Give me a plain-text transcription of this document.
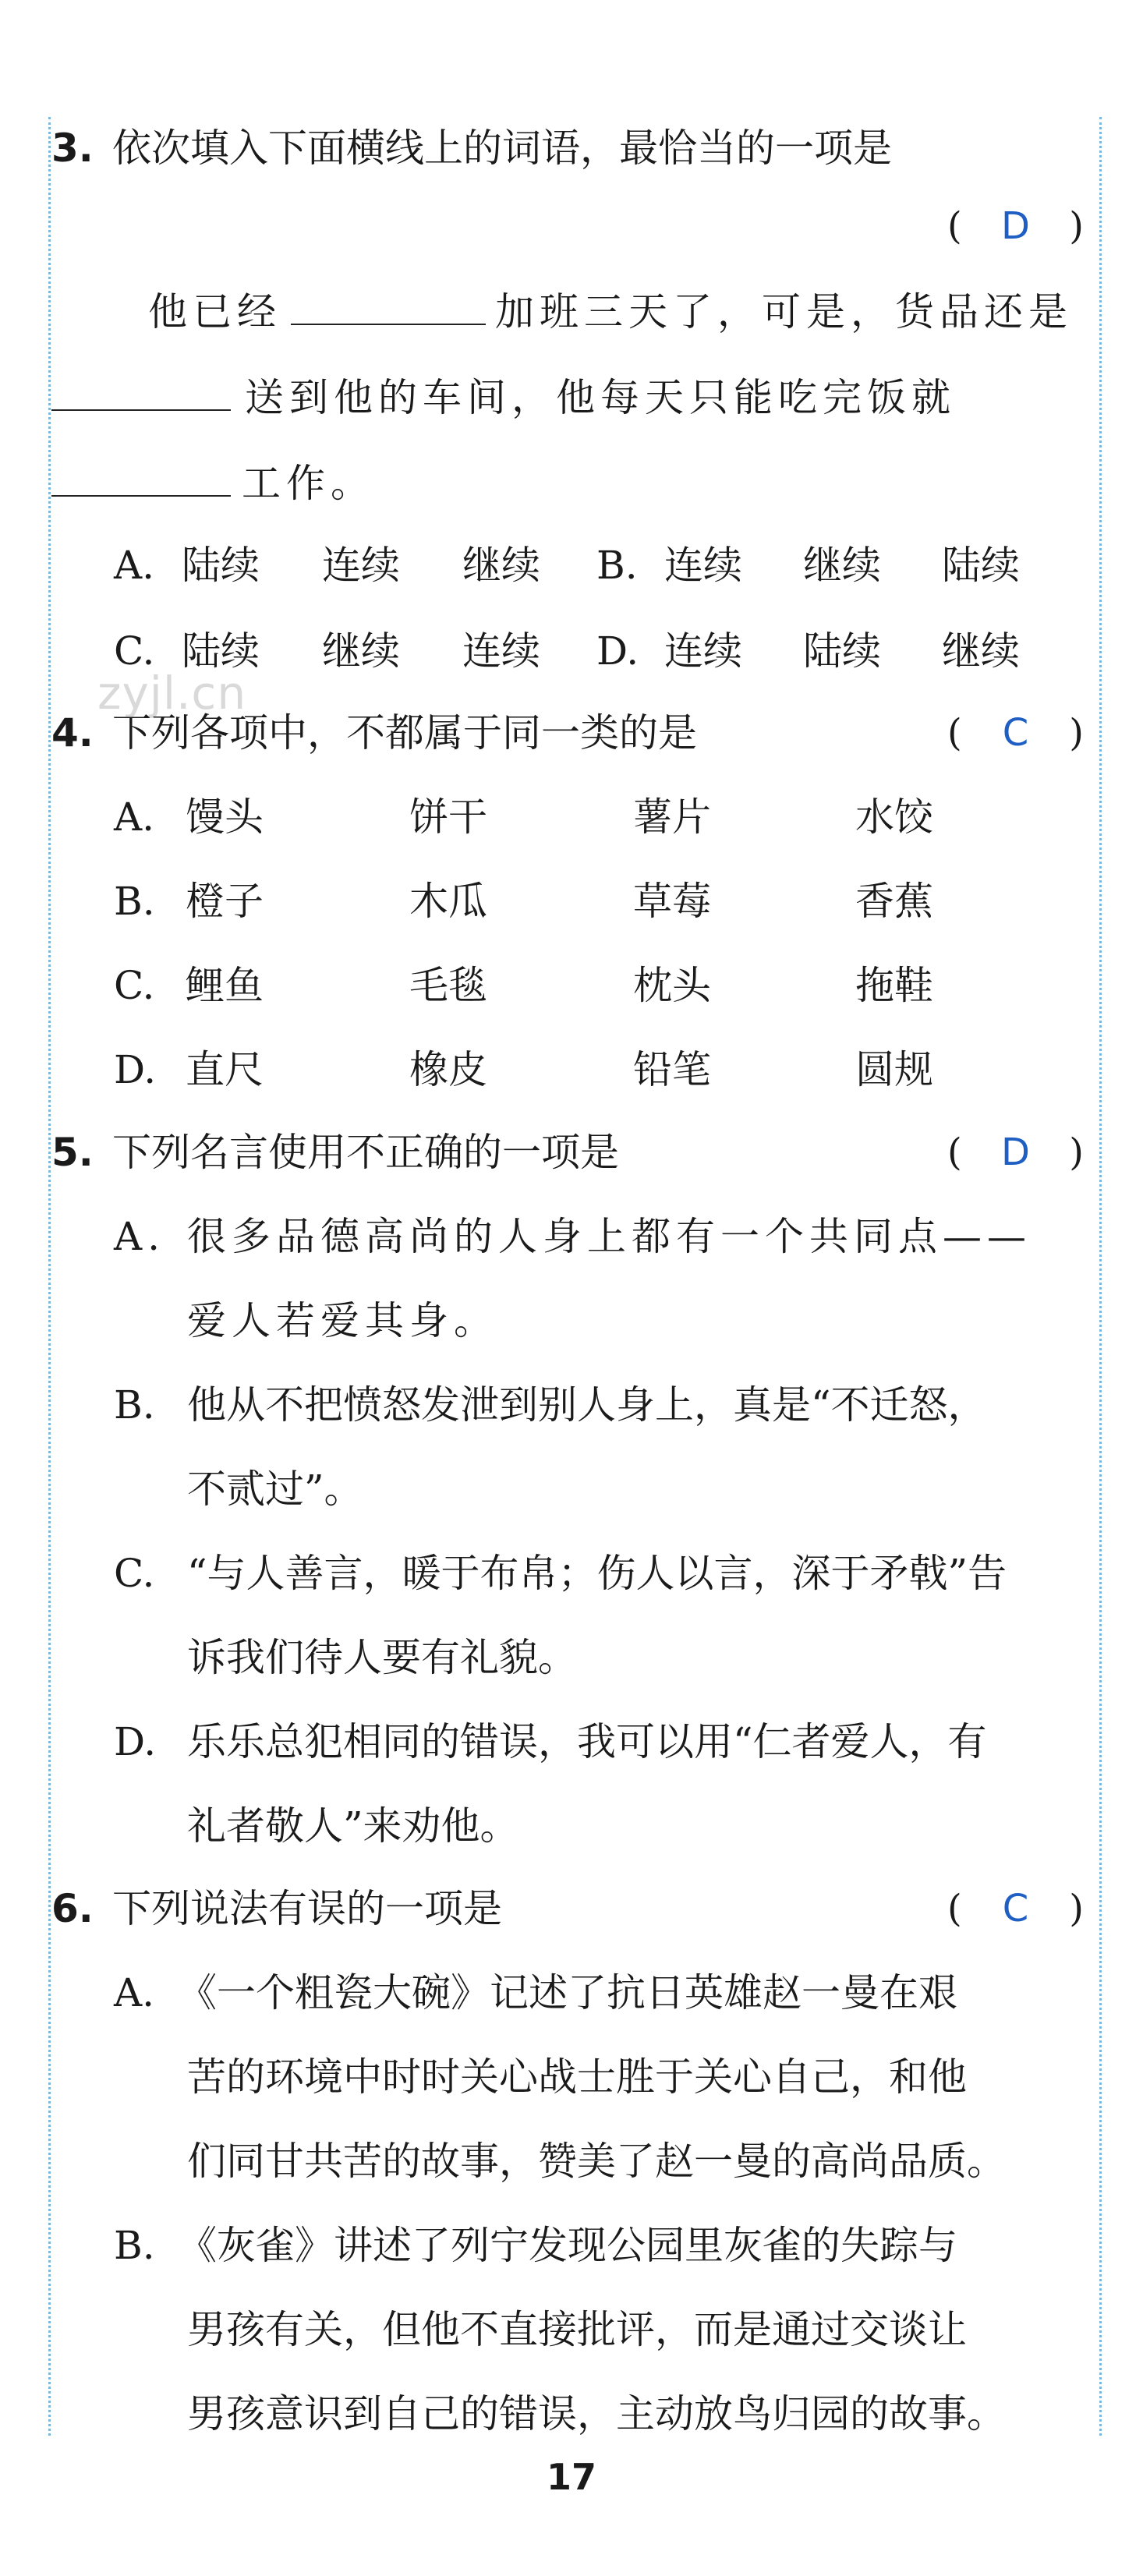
zyjl.cn
3. 依次填入下面横线上的词语，最恰当的一项是
(	D	)
他已经	加班三天了，可是，货品还是
送到他的车间，他每天只能吃完饭就
工作。
A. 陆续 连续 继续 B. 连续 继续 陆续
C. 陆续 继续 连续 D. 连续 陆续 继续
4. 下列各项中，不都属于同一类的是	(	C	)
A. 馒头	饼干	薯片	水饺
B. 橙子	木瓜	草莓	香蕉
C. 鲤鱼	毛毯	枕头	拖鞋
D. 直尺	橡皮	铅笔	圆规
5. 下列名言使用不正确的一项是	(	D	)
A. 很多品德高尚的人身上都有一个共同点——
爱人若爱其身。
B. 他从不把愤怒发泄到别人身上，真是“不迁怒，
不贰过”。
C. “与人善言，暖于布帛；伤人以言，深于矛戟”告
诉我们待人要有礼貌。
D. 乐乐总犯相同的错误，我可以用“仁者爱人，有
礼者敬人”来劝他。
6. 下列说法有误的一项是	(	C	)
A. 《一个粗瓷大碗》记述了抗日英雄赵一曼在艰
苦的环境中时时关心战士胜于关心自己，和他
们同甘共苦的故事，赞美了赵一曼的高尚品质。
B. 《灰雀》讲述了列宁发现公园里灰雀的失踪与
男孩有关，但他不直接批评，而是通过交谈让
男孩意识到自己的错误，主动放鸟归园的故事。
17
